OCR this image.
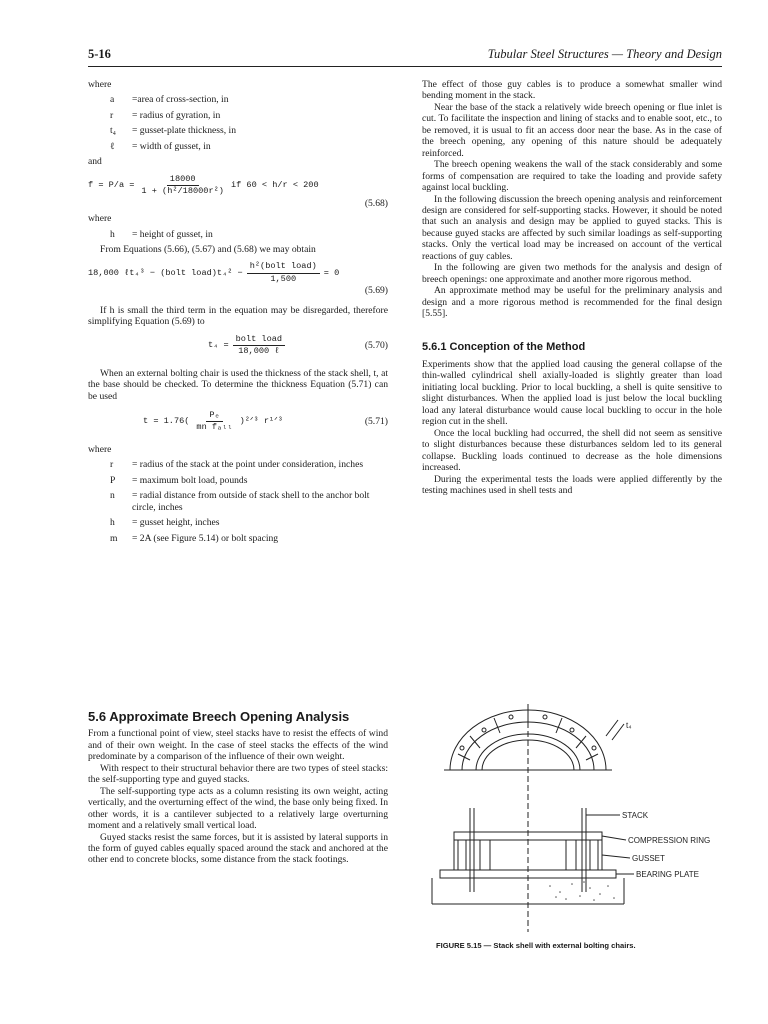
5-16	Tubular Steel Structures — Theory and Design
where
a	=area of cross-section, in
r	= radius of gyration, in
t₄	= gusset-plate thickness, in
ℓ	= width of gusset, in
and
$f = P/a = \frac{18000}{\text{1 + (h²/18000r²)}}$ if 60 < h/r < 200
(5.68)
where
h	= height of gusset, in

From Equations (5.66), (5.67) and (5.68) we may obtain

18,000 ℓt₄³ − (bolt load)t₄² − $\frac{\text{h²(bolt load)}}{1,500} = 0$
(5.69)

If h is small the third term in the equation may be disregarded, therefore simplifying Equation (5.69) to

$t_4 = \frac{\text{bolt load}}{\text{18,000 ℓ}}$	(5.70)

When an external bolting chair is used the thickness of the stack shell, t, at the base should be checked. To determine the thickness Equation (5.71) can be used

$t = 1.76( \frac{\text{Pₑ}}{\text{mn fₐₗₗ}}$ )²ᐟ³ r¹ᐟ³	(5.71)
where
r	= radius of the stack at the point under consideration, inches
P	= maximum bolt load, pounds
n	= radial distance from outside of stack shell to the anchor bolt circle, inches
h	= gusset height, inches
m	= 2A (see Figure 5.14) or bolt spacing
5.6 Approximate Breech Opening Analysis

From a functional point of view, steel stacks have to resist the effects of wind and of their own weight. In the case of steel stacks the effects of the wind predominate by a comparison of the influence of their own weight.

With respect to their structural behavior there are two types of steel stacks: the self-supporting type and guyed stacks.

The self-supporting type acts as a column resisting its own weight, acting vertically, and the overturning effect of the wind, the base only being fixed. In other words, it is a cantilever subjected to a relatively large overturning moment and a relatively small vertical load.

Guyed stacks resist the same forces, but it is assisted by lateral supports in the form of guyed cables equally spaced around the stack and anchored at the other end to concrete blocks, some distance from the stack footings.

The effect of those guy cables is to produce a somewhat smaller wind bending moment in the stack.

Near the base of the stack a relatively wide breech opening or flue inlet is cut. To facilitate the inspection and lining of stacks and to enable soot, etc., to be removed, it is usual to fit an access door near the base. As in the case of the breech opening, any opening of this nature should be adequately reinforced.

The breech opening weakens the wall of the stack considerably and some forms of compensation are required to take the loading and provide safety against local buckling.

In the following discussion the breech opening analysis and reinforcement design are considered for self-supporting stacks. However, it should be noted that such an analysis and design may be applied to guyed stacks. This is because guyed stacks are affected by such similar loadings as self-supporting stacks. Only the vertical load may be increased on account of the vertical reactions of guy cables.

In the following are given two methods for the analysis and design of breech openings: one approximate and another more rigorous method.

An approximate method may be useful for the preliminary analysis and design and a more rigorous method is recommended for the final design [5.55].

5.6.1 Conception of the Method

Experiments show that the applied load causing the general collapse of the thin-walled cylindrical shell axially-loaded is slightly greater than load initiating local buckling. Prior to local buckling, a shell is quite sensitive to slight disturbances. When the applied load is just below the local buckling load any lateral disturbance would cause local buckling to occur in the hole region cut in the shell.

Once the local buckling had occurred, the shell did not seem as sensitive to slight disturbances because these disturbances seldom led to its general collapse. Buckling loads continued to decrease as the hole dimensions increased.

During the experimental tests the loads were applied differently by the testing machines used in shell tests and

t₄
STACK
COMPRESSION RING
GUSSET
BEARING PLATE
FIGURE 5.15 — Stack shell with external bolting chairs.
